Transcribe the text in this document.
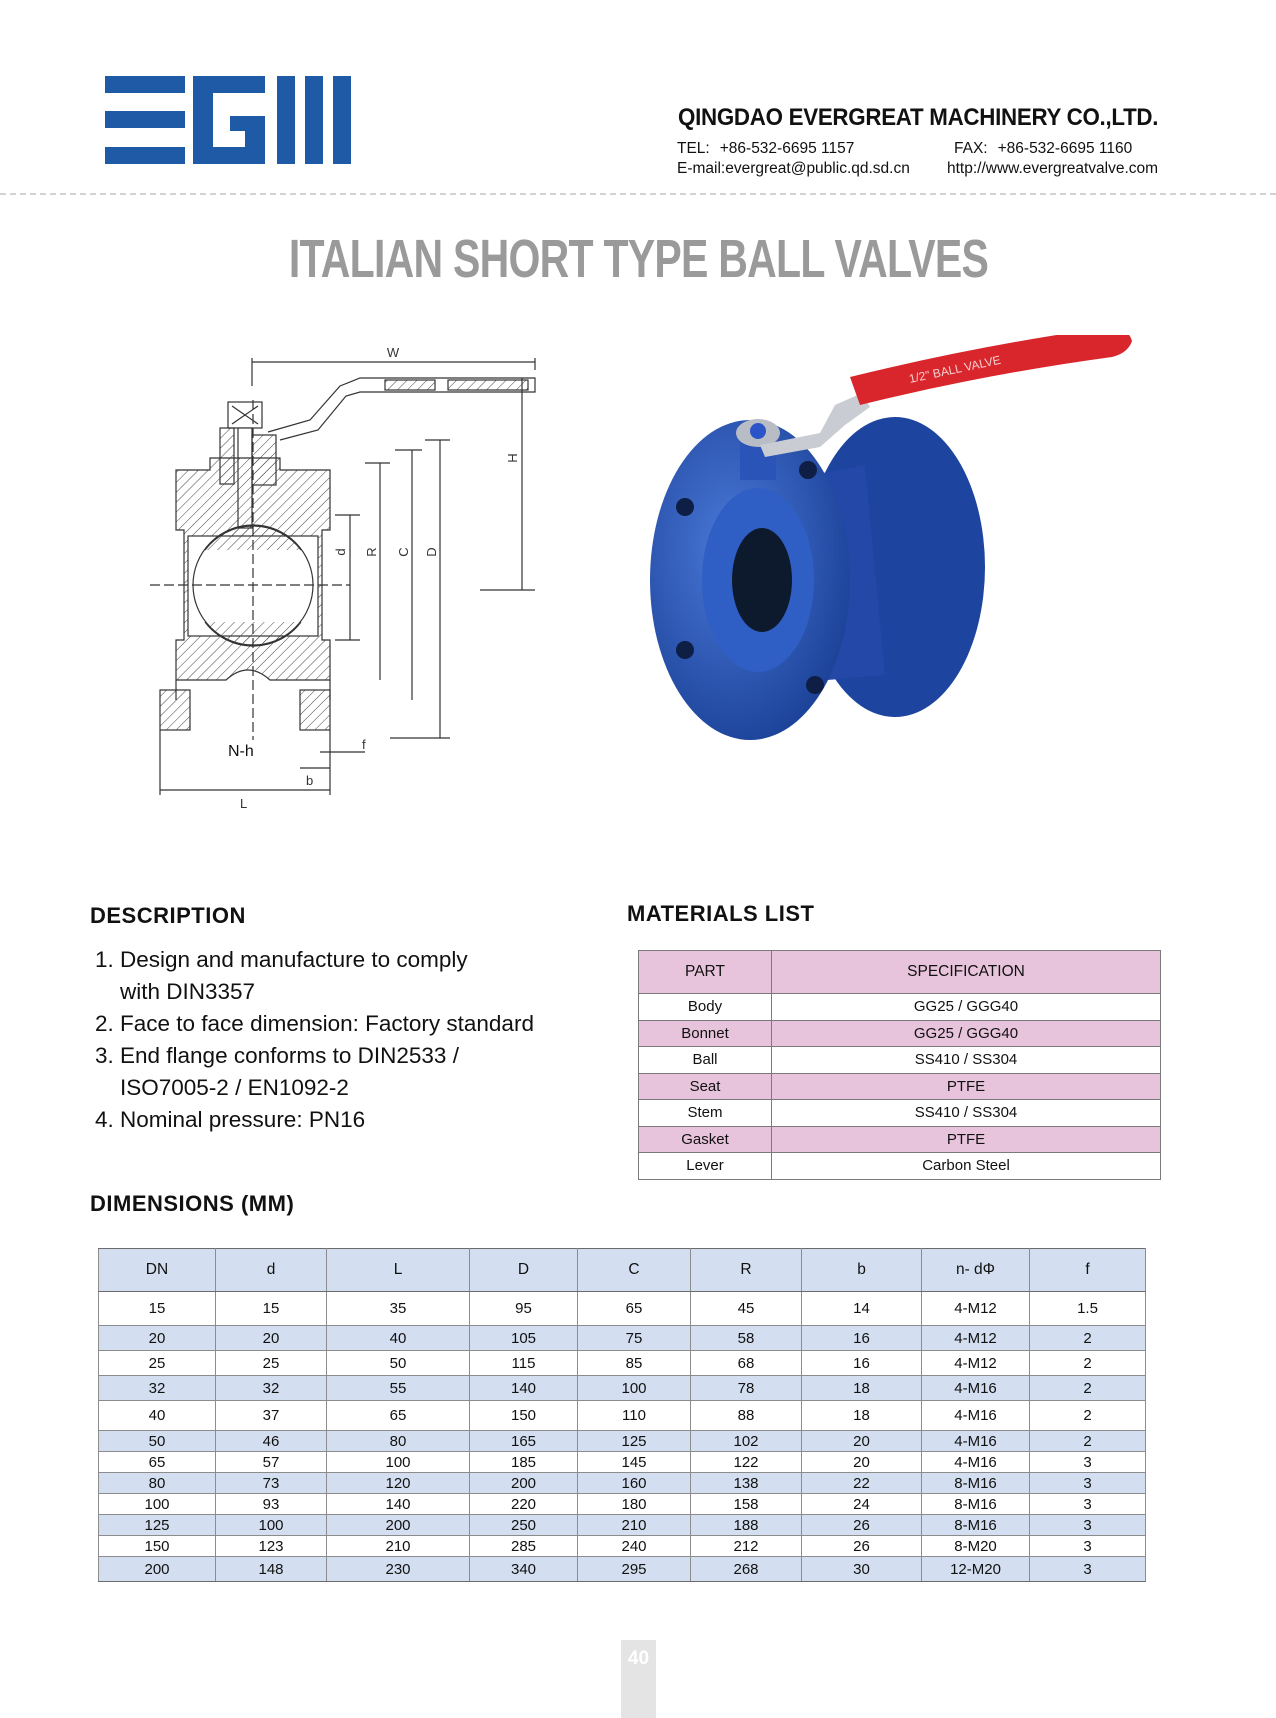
QINGDAO EVERGREAT MACHINERY CO.,LTD.
TEL: +86-532-6695 1157	FAX: +86-532-6695 1160
E-mail:evergreat@public.qd.sd.cn http://www.evergreatvalve.com
ITALIAN SHORT TYPE BALL VALVES
W
H
d R C D
N-h	f
b
L
1/2" BALL VALVE
DESCRIPTION
1. Design and manufacture to comply
with DIN3357
2. Face to face dimension: Factory standard
3. End flange conforms to DIN2533 /
ISO7005-2 / EN1092-2
4. Nominal pressure: PN16
MATERIALS LIST
PART	SPECIFICATION
Body	GG25 / GGG40
Bonnet	GG25 / GGG40
Ball	SS410 / SS304
Seat	PTFE
Stem	SS410 / SS304
Gasket	PTFE
Lever	Carbon Steel
DIMENSIONS (MM)
DN	d	L	D	C	R	b	n- dΦ	f
15	15	35	95	65	45	14	4-M12	1.5
20	20	40	105	75	58	16	4-M12	2
25	25	50	115	85	68	16	4-M12	2
32	32	55	140	100	78	18	4-M16	2
40	37	65	150	110	88	18	4-M16	2
50	46	80	165	125	102	20	4-M16	2
65	57	100	185	145	122	20	4-M16	3
80	73	120	200	160	138	22	8-M16	3
100	93	140	220	180	158	24	8-M16	3
125	100	200	250	210	188	26	8-M16	3
150	123	210	285	240	212	26	8-M20	3
200	148	230	340	295	268	30	12-M20	3
40
